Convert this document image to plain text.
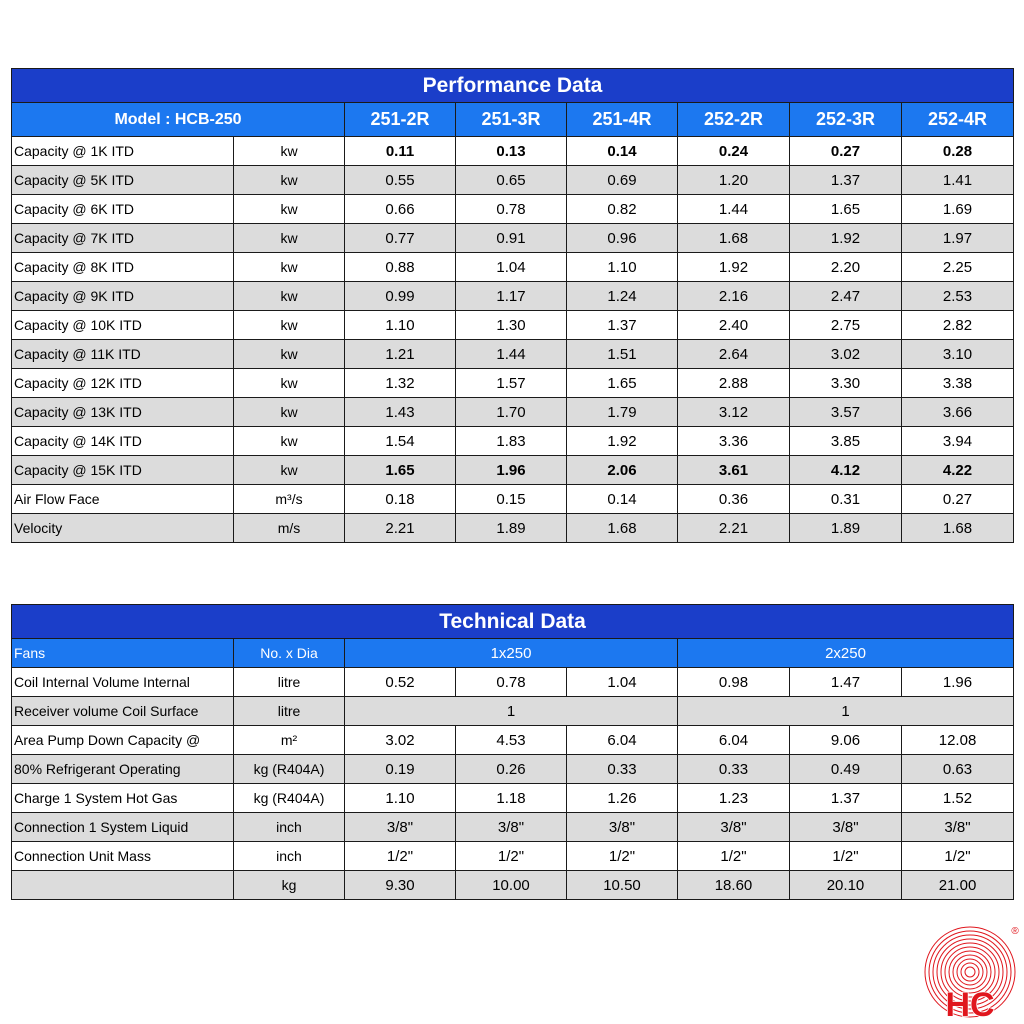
Performance Data							
Model : HCB-250		251-2R	251-3R	251-4R	252-2R	252-3R	252-4R
Capacity @ 1K ITD	kw	0.11	0.13	0.14	0.24	0.27	0.28
Capacity @ 5K ITD	kw	0.55	0.65	0.69	1.20	1.37	1.41
Capacity @ 6K ITD	kw	0.66	0.78	0.82	1.44	1.65	1.69
Capacity @ 7K ITD	kw	0.77	0.91	0.96	1.68	1.92	1.97
Capacity @ 8K ITD	kw	0.88	1.04	1.10	1.92	2.20	2.25
Capacity @ 9K ITD	kw	0.99	1.17	1.24	2.16	2.47	2.53
Capacity @ 10K ITD	kw	1.10	1.30	1.37	2.40	2.75	2.82
Capacity @ 11K ITD	kw	1.21	1.44	1.51	2.64	3.02	3.10
Capacity @ 12K ITD	kw	1.32	1.57	1.65	2.88	3.30	3.38
Capacity @ 13K ITD	kw	1.43	1.70	1.79	3.12	3.57	3.66
Capacity @ 14K ITD	kw	1.54	1.83	1.92	3.36	3.85	3.94
Capacity @ 15K ITD	kw	1.65	1.96	2.06	3.61	4.12	4.22
Air Flow Face	m³/s	0.18	0.15	0.14	0.36	0.31	0.27
Velocity	m/s	2.21	1.89	1.68	2.21	1.89	1.68
Technical Data							
Fans	No. x Dia	1x250			2x250		
Coil Internal Volume Internal	litre	0.52	0.78	1.04	0.98	1.47	1.96
Receiver volume Coil Surface	litre	1			1		
Area Pump Down Capacity @	m²	3.02	4.53	6.04	6.04	9.06	12.08
80% Refrigerant Operating	kg (R404A)	0.19	0.26	0.33	0.33	0.49	0.63
Charge 1 System Hot Gas	kg (R404A)	1.10	1.18	1.26	1.23	1.37	1.52
Connection 1 System Liquid	inch	3/8"	3/8"	3/8"	3/8"	3/8"	3/8"
Connection Unit Mass	inch	1/2"	1/2"	1/2"	1/2"	1/2"	1/2"
	kg	9.30	10.00	10.50	18.60	20.10	21.00
HC
®
